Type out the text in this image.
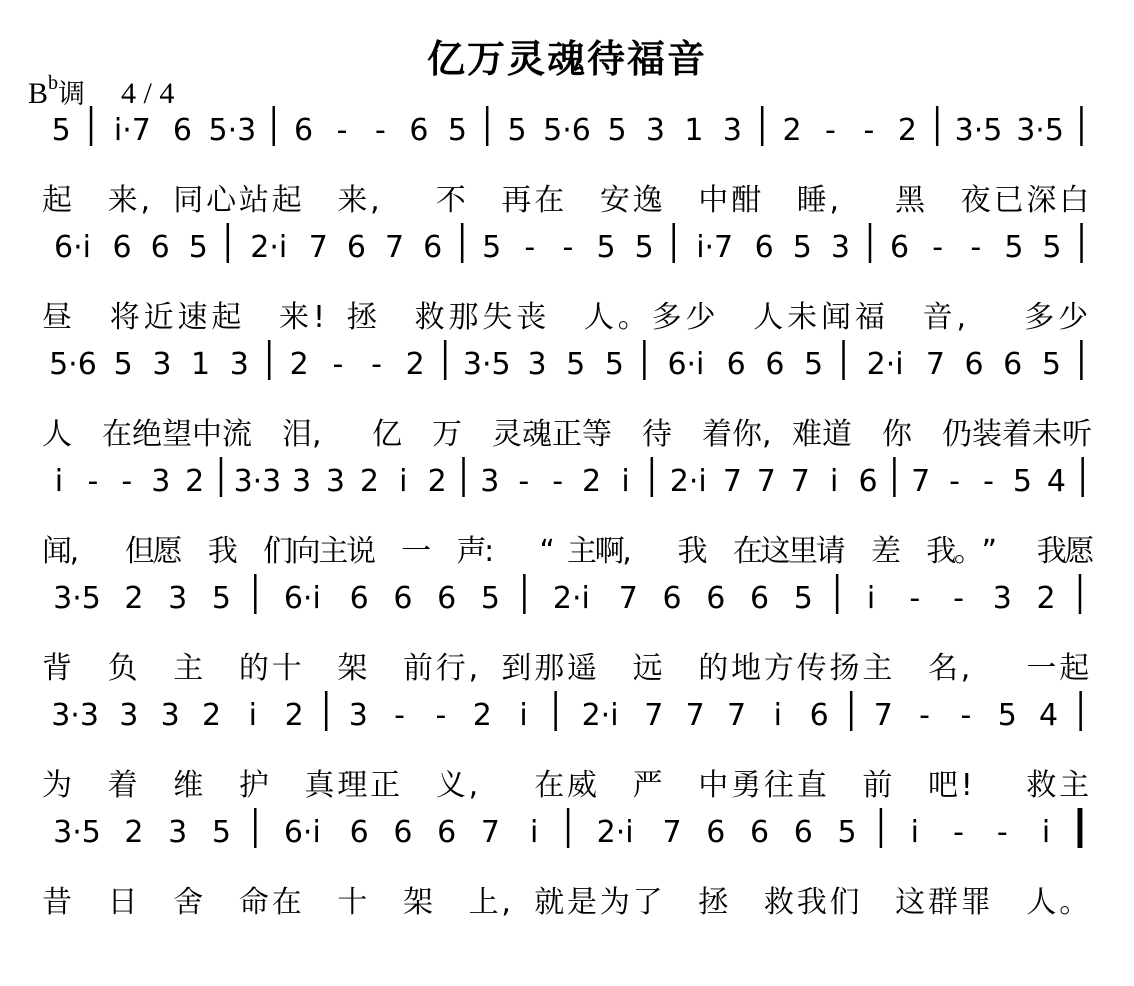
亿万灵魂待福音
$B^b$调 4 / 4
5 i·7 6 5·3 6 - - 6 5 5 5·6 5 3 1 3 2 - - 2 3·5 3·5
起 来, 同心站起 来, 不 再在 安逸 中酣 睡, 黑 夜已深白
6·i 6 6 5 2·i 7 6 7 6 5 - - 5 5 i·7 6 5 3 6 - - 5 5
昼 将 近 速 起 来 ! 拯 救 那 失 丧 人 。 多 少 人 未 闻 福 音 , 多 少
5·6 5 3 1 3 2 - - 2 3·5 3 5 5 6·i 6 6 5 2·i 7 6 6 5
人 在绝望中流 泪, 亿 万 灵魂正等 待 着你, 难道 你 仍装着未听
i - - 3 2 3·3 3 3 2 i 2 3 - - 2 i 2·i 7 7 7 i 6 7 - - 5 4
闻, 但愿 我 们向主说 一 声: “ 主啊, 我 在这里请 差 我。” 我愿
3·5 2 3 5 6·i 6 6 6 5 2·i 7 6 6 6 5 i - - 3 2
背 负 主 的十 架 前行, 到那遥 远 的地方传扬主 名, 一起
3·3 3 3 2 i 2 3 - - 2 i 2·i 7 7 7 i 6 7 - - 5 4
为 着 维 护 真理正 义, 在威 严 中勇往直 前 吧! 救主
3·5 2 3 5 6·i 6 6 6 7 i 2·i 7 6 6 6 5 i - - i
昔 日 舍 命在 十 架 上, 就是为了 拯 救我们 这群罪 人。
